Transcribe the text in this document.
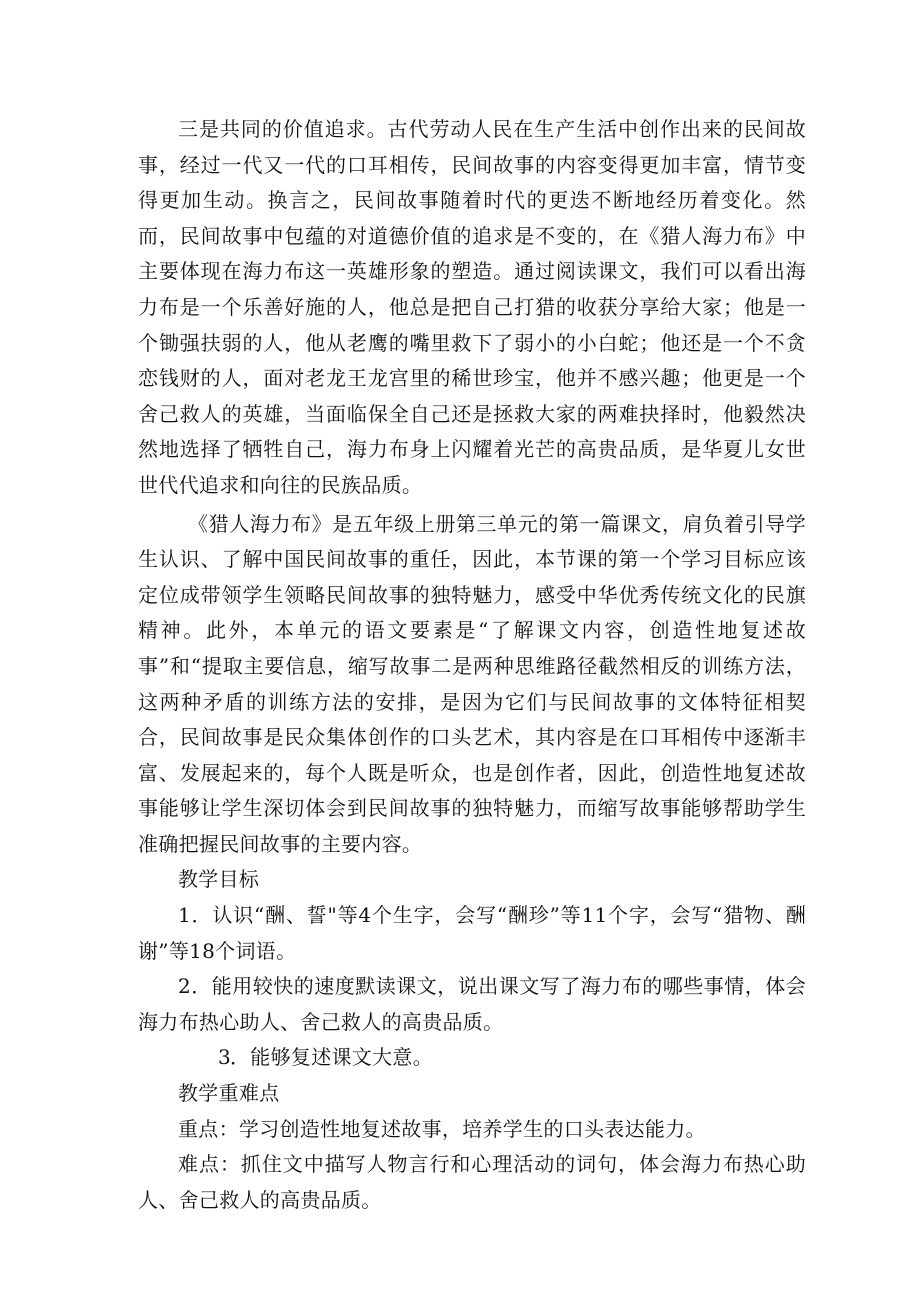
三是共同的价值追求。古代劳动人民在生产生活中创作出来的民间故事，经过一代又一代的口耳相传，民间故事的内容变得更加丰富，情节变得更加生动。换言之，民间故事随着时代的更迭不断地经历着变化。然而，民间故事中包蕴的对道德价值的追求是不变的，在《猎人海力布》中主要体现在海力布这一英雄形象的塑造。通过阅读课文，我们可以看出海力布是一个乐善好施的人，他总是把自己打猎的收获分享给大家；他是一个锄强扶弱的人，他从老鹰的嘴里救下了弱小的小白蛇；他还是一个不贪恋钱财的人，面对老龙王龙宫里的稀世珍宝，他并不感兴趣；他更是一个舍己救人的英雄，当面临保全自己还是拯救大家的两难抉择时，他毅然决然地选择了牺牲自己，海力布身上闪耀着光芒的高贵品质，是华夏儿女世世代代追求和向往的民族品质。

《猎人海力布》是五年级上册第三单元的第一篇课文，肩负着引导学生认识、了解中国民间故事的重任，因此，本节课的第一个学习目标应该定位成带领学生领略民间故事的独特魅力，感受中华优秀传统文化的民旗精神。此外，本单元的语文要素是“了解课文内容，创造性地复述故事”和“提取主要信息，缩写故事二是两种思维路径截然相反的训练方法，这两种矛盾的训练方法的安排，是因为它们与民间故事的文体特征相契合，民间故事是民众集体创作的口头艺术，其内容是在口耳相传中逐渐丰富、发展起来的，每个人既是听众，也是创作者，因此，创造性地复述故事能够让学生深切体会到民间故事的独特魅力，而缩写故事能够帮助学生准确把握民间故事的主要内容。

教学目标

1．认识“酬、誓"等4个生字，会写“酬珍”等11个字，会写“猎物、酬谢”等18个词语。

2．能用较快的速度默读课文，说出课文写了海力布的哪些事情，体会海力布热心助人、舍己救人的高贵品质。

3．能够复述课文大意。

教学重难点

重点：学习创造性地复述故事，培养学生的口头表达能力。

难点：抓住文中描写人物言行和心理活动的词句，体会海力布热心助人、舍己救人的高贵品质。
